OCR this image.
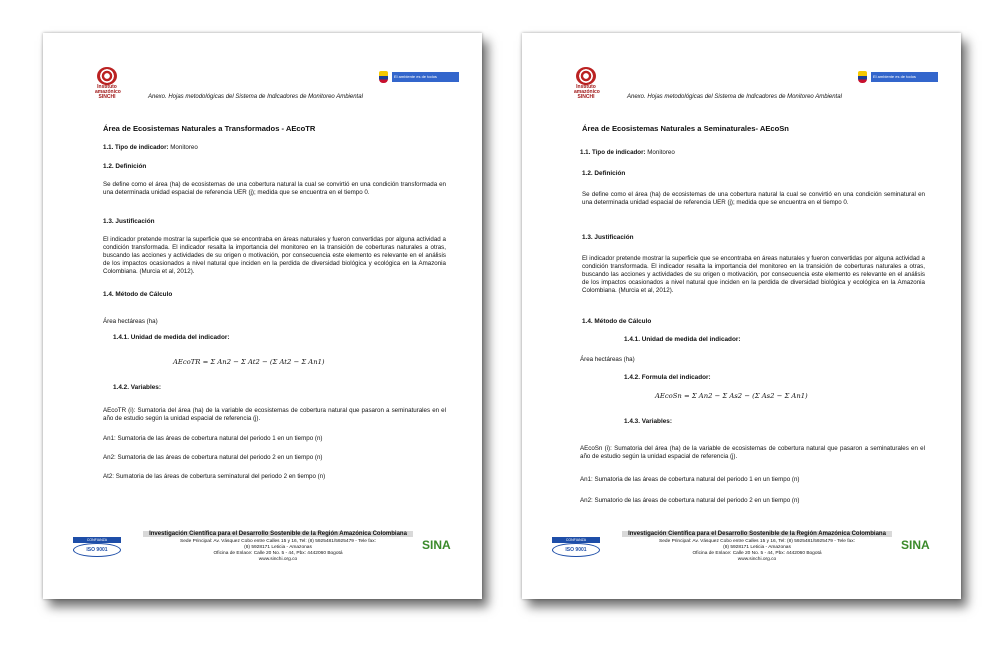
Instituto
amazónico
SINCHI
El ambiente es de todos
Anexo. Hojas metodológicas del Sistema de Indicadores de Monitoreo Ambiental
Área de Ecosistemas Naturales a Transformados - AEcoTR
1.1. Tipo de indicador: Monitoreo
1.2. Definición
Se define como el área (ha) de ecosistemas de una cobertura natural la cual se convirtió en una condición transformada en una determinada unidad espacial de referencia UER (j); medida que se encuentra en el tiempo 0.
1.3. Justificación
El indicador pretende mostrar la superficie que se encontraba en áreas naturales y fueron convertidas por alguna actividad a condición transformada. El indicador resalta la importancia del monitoreo en la transición de coberturas naturales a otras, buscando las acciones y actividades de su origen o motivación, por consecuencia este elemento es relevante en el análisis de los impactos ocasionados a nivel natural que inciden en la perdida de diversidad biológica y ecológica en la Amazonia Colombiana. (Murcia et al, 2012).
1.4. Método de Cálculo
Área hectáreas (ha)
1.4.1. Unidad de medida del indicador:
AEcoTR = Σ An2 − Σ At2 − (Σ At2 − Σ An1)
1.4.2. Variables:
AEcoTR (i): Sumatoria del área (ha) de la variable de ecosistemas de cobertura natural que pasaron a seminaturales en el año de estudio según la unidad espacial de referencia (j).
An1: Sumatoria de las áreas de cobertura natural del periodo 1 en un tiempo (n)
An2: Sumatoria de las áreas de cobertura natural del periodo 2 en un tiempo (n)
At2: Sumatoria de las áreas de cobertura seminatural del periodo 2 en tiempo (n)
CONFIANZA
ISO 9001
Investigación Científica para el Desarrollo Sostenible de la Región Amazónica Colombiana
Sede Principal: Av. Vásquez Cobo entre Calles 15 y 16, Tel: (8) 5925481/5925479 - Tele fax:
(8) 5928171 Leticia - Amazonas
Oficina de Enlace: Calle 20 No. 5 - 44, Pbx: 4442060 Bogotá
www.sinchi.org.co
SINA
Instituto
amazónico
SINCHI
El ambiente es de todos
Anexo. Hojas metodológicas del Sistema de Indicadores de Monitoreo Ambiental
Área de Ecosistemas Naturales a Seminaturales- AEcoSn
1.1. Tipo de indicador: Monitoreo
1.2. Definición
Se define como el área (ha) de ecosistemas de una cobertura natural la cual se convirtió en una condición seminatural en una determinada unidad espacial de referencia UER (j); medida que se encuentra en el tiempo 0.
1.3. Justificación
El indicador pretende mostrar la superficie que se encontraba en áreas naturales y fueron convertidas por alguna actividad a condición transformada. El indicador resalta la importancia del monitoreo en la transición de coberturas naturales a otras, buscando las acciones y actividades de su origen o motivación, por consecuencia este elemento es relevante en el análisis de los impactos ocasionados a nivel natural que inciden en la perdida de diversidad biológica y ecológica en la Amazonia Colombiana. (Murcia et al, 2012).
1.4. Método de Cálculo
1.4.1. Unidad de medida del indicador:
Área hectáreas (ha)
1.4.2. Formula del indicador:
AEcoSn = Σ An2 − Σ As2 − (Σ As2 − Σ An1)
1.4.3. Variables:
AEcoSn (i): Sumatoria del área (ha) de la variable de ecosistemas de cobertura natural que pasaron a seminaturales en el año de estudio según la unidad espacial de referencia (j).
An1: Sumatoria de las áreas de cobertura natural del periodo 1 en un tiempo (n)
An2: Sumatorio de las áreas de cobertura natural del periodo 2 en un tiempo (n)
CONFIANZA
ISO 9001
Investigación Científica para el Desarrollo Sostenible de la Región Amazónica Colombiana
Sede Principal: Av. Vásquez Cobo entre Calles 15 y 16, Tel: (8) 5925481/5925479 - Tele fax:
(8) 5928171 Leticia - Amazonas
Oficina de Enlace: Calle 20 No. 5 - 44, Pbx: 4442060 Bogotá
www.sinchi.org.co
SINA
